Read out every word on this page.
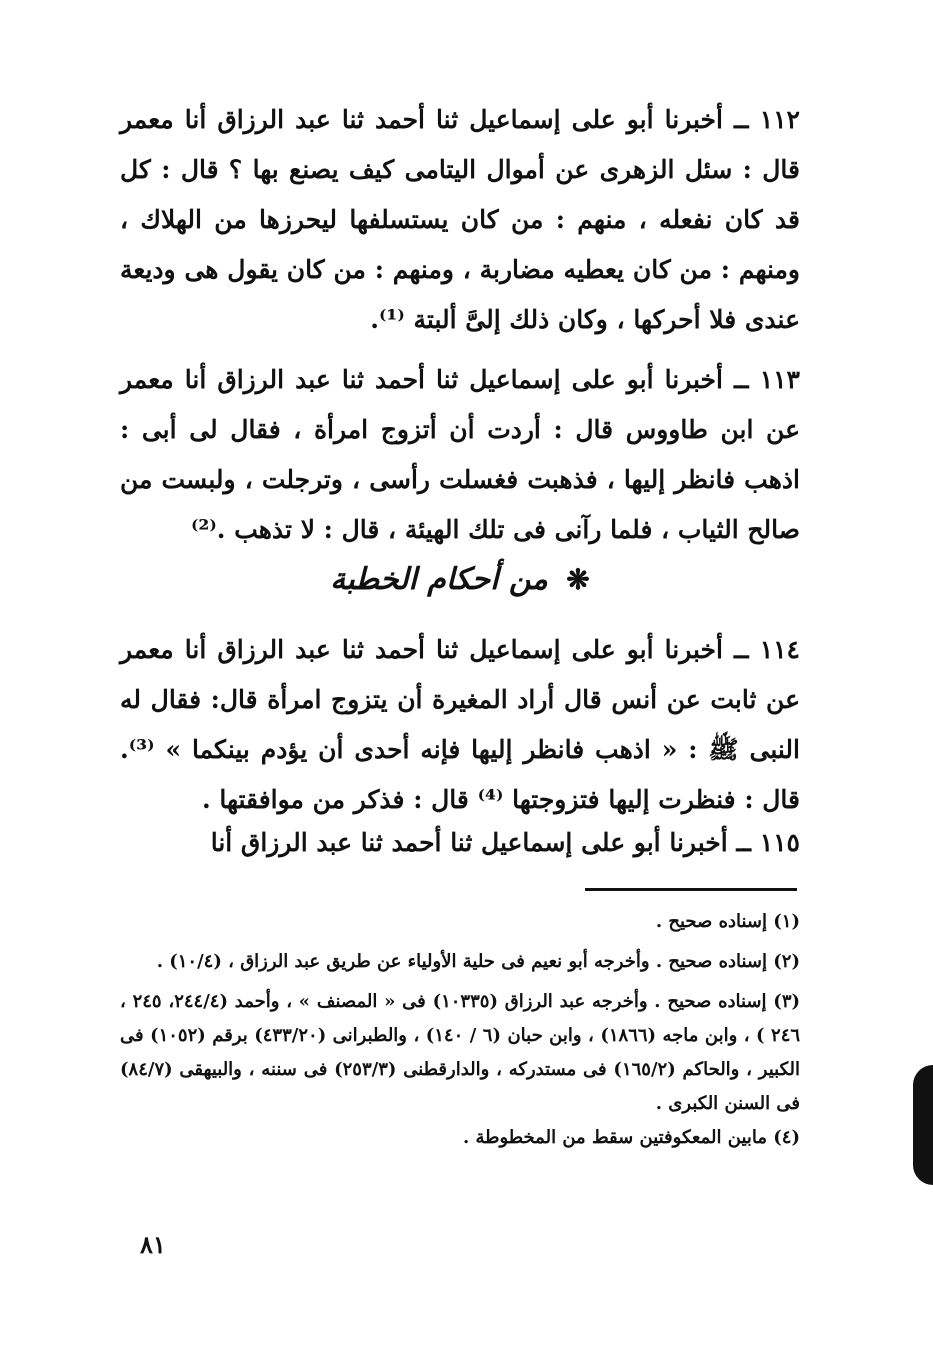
١١٢ ــ أخبرنا أبو على إسماعيل ثنا أحمد ثنا عبد الرزاق أنا معمر قال : سئل الزهرى عن أموال اليتامى كيف يصنع بها ؟ قال : كل قد كان نفعله ، منهم : من كان يستسلفها ليحرزها من الهلاك ، ومنهم : من كان يعطيه مضاربة ، ومنهم : من كان يقول هى وديعة عندى فلا أحركها ، وكان ذلك إلىَّ ألبتة ⁽¹⁾.

١١٣ ــ أخبرنا أبو على إسماعيل ثنا أحمد ثنا عبد الرزاق أنا معمر عن ابن طاووس قال : أردت أن أتزوج امرأة ، فقال لى أبى : اذهب فانظر إليها ، فذهبت فغسلت رأسى ، وترجلت ، ولبست من صالح الثياب ، فلما رآنى فى تلك الهيئة ، قال : لا تذهب .⁽²⁾

❋ من أحكام الخطبة

١١٤ ــ أخبرنا أبو على إسماعيل ثنا أحمد ثنا عبد الرزاق أنا معمر عن ثابت عن أنس قال أراد المغيرة أن يتزوج امرأة قال: فقال له النبى ﷺ : « اذهب فانظر إليها فإنه أحدى أن يؤدم بينكما » ⁽³⁾. قال : فنظرت إليها فتزوجتها ⁽⁴⁾ قال : فذكر من موافقتها .

١١٥ ــ أخبرنا أبو على إسماعيل ثنا أحمد ثنا عبد الرزاق أنا

(١) إسناده صحيح .

(٢) إسناده صحيح . وأخرجه أبو نعيم فى حلية الأولياء عن طريق عبد الرزاق ، (١٠/٤) .

(٣) إسناده صحيح . وأخرجه عبد الرزاق (١٠٣٣٥) فى « المصنف » ، وأحمد (٢٤٤/٤، ٢٤٥ ، ٢٤٦ ) ، وابن ماجه (١٨٦٦) ، وابن حبان (٦ / ١٤٠) ، والطبرانى (٤٣٣/٢٠) برقم (١٠٥٢) فى الكبير ، والحاكم (١٦٥/٢) فى مستدركه ، والدارقطنى (٢٥٣/٣) فى سننه ، والبيهقى (٨٤/٧) فى السنن الكبرى .

(٤) مابين المعكوفتين سقط من المخطوطة .

٨١
